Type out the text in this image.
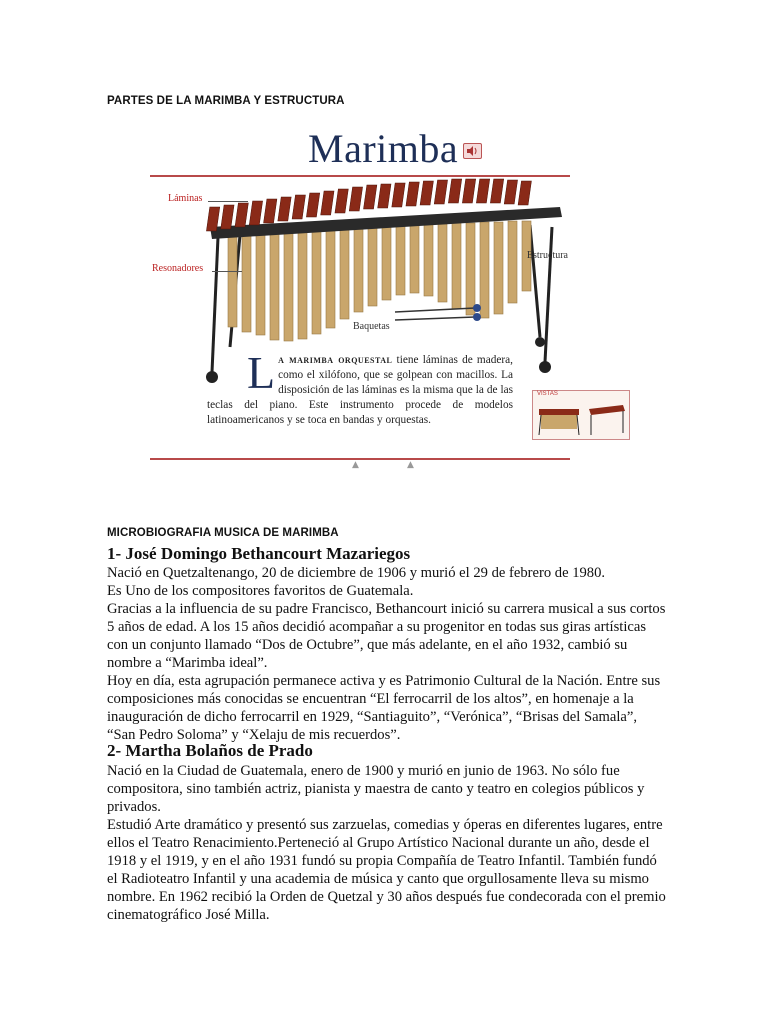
PARTES DE LA MARIMBA Y ESTRUCTURA
Marimba
Láminas
Resonadores
Estructura
Baquetas
La marimba orquestal tiene láminas de madera, como el xilófono, que se golpean con macillos. La disposición de las láminas es la misma que la de las teclas del piano. Este instrumento procede de modelos latinoamericanos y se toca en bandas y orquestas.
VISTAS
▲	▲
MICROBIOGRAFIA MUSICA DE MARIMBA
1- José Domingo Bethancourt Mazariegos
Nació en Quetzaltenango, 20 de diciembre de 1906 y murió el 29 de febrero de 1980.
Es Uno de los compositores favoritos de Guatemala.
Gracias a la influencia de su padre Francisco, Bethancourt inició su carrera musical a sus cortos 5 años de edad. A los 15 años decidió acompañar a su progenitor en todas sus giras artísticas con un conjunto llamado “Dos de Octubre”, que más adelante, en el año 1932, cambió su nombre a “Marimba ideal”.
Hoy en día, esta agrupación permanece activa y es Patrimonio Cultural de la Nación. Entre sus composiciones más conocidas se encuentran “El ferrocarril de los altos”, en homenaje a la inauguración de dicho ferrocarril en 1929, “Santiaguito”, “Verónica”, “Brisas del Samala”, “San Pedro Soloma” y “Xelaju de mis recuerdos”.
2- Martha Bolaños de Prado
Nació en la Ciudad de Guatemala, enero de 1900 y murió en junio de 1963. No sólo fue compositora, sino también actriz, pianista y maestra de canto y teatro en colegios públicos y privados.
Estudió Arte dramático y presentó sus zarzuelas, comedias y óperas en diferentes lugares, entre ellos el Teatro Renacimiento.Perteneció al Grupo Artístico Nacional durante un año, desde el 1918 y el 1919, y en el año 1931 fundó su propia Compañía de Teatro Infantil. También fundó el Radioteatro Infantil y una academia de música y canto que orgullosamente lleva su mismo nombre. En 1962 recibió la Orden de Quetzal y 30 años después fue condecorada con el premio cinematográfico José Milla.
